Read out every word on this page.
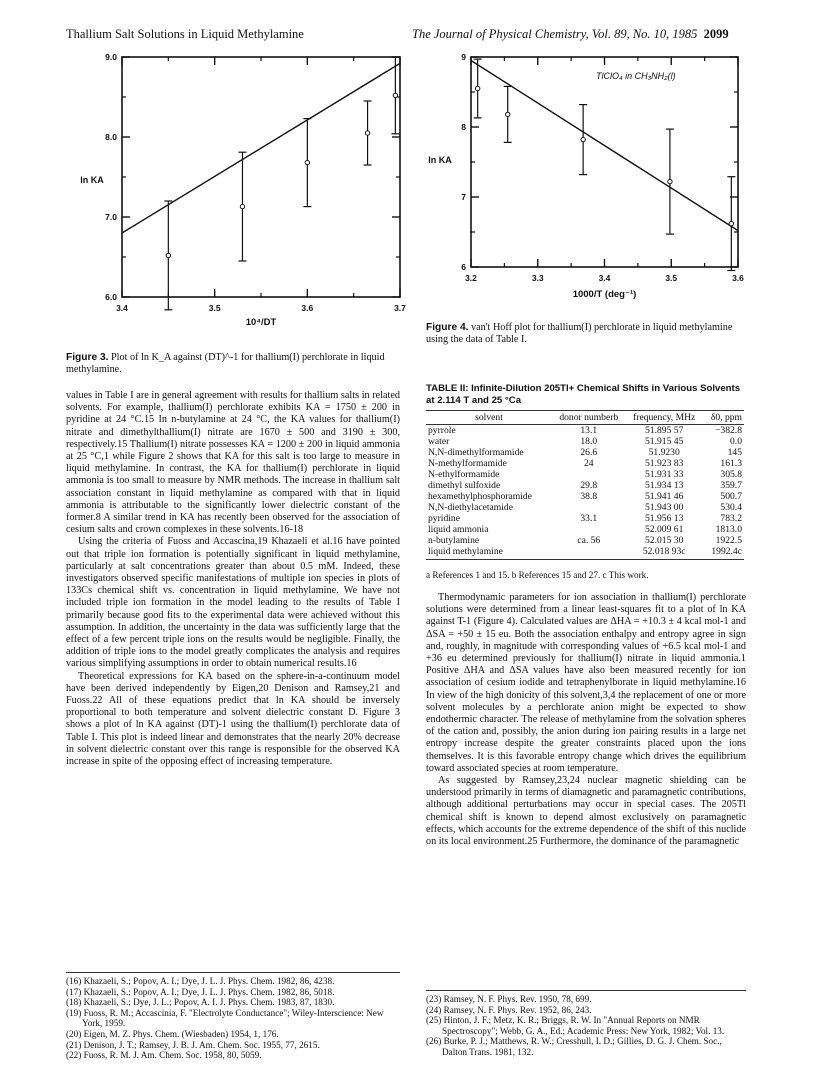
Thallium Salt Solutions in Liquid Methylamine	The Journal of Physical Chemistry, Vol. 89, No. 10, 1985 2099
3.4	3.5	3.6	3.7
6.0
7.0
8.0
9.0
ln KA
10⁴/DT
Figure 3. Plot of ln K_A against (DT)^-1 for thallium(I) perchlorate in liquid methylamine.
3.2	3.3	3.4	3.5	3.6
6
7
8
9
ln KA
1000/T (deg⁻¹)
TlClO₄ in CH₃NH₂(l)
Figure 4. van't Hoff plot for thallium(I) perchlorate in liquid methylamine using the data of Table I.

values in Table I are in general agreement with results for thallium salts in related solvents. For example, thallium(I) perchlorate exhibits KA = 1750 ± 200 in pyridine at 24 °C.15 In n-butylamine at 24 °C, the KA values for thallium(I) nitrate and dimethylthallium(I) nitrate are 1670 ± 500 and 3190 ± 300, respectively.15 Thallium(I) nitrate possesses KA = 1200 ± 200 in liquid ammonia at 25 °C,1 while Figure 2 shows that KA for this salt is too large to measure in liquid methylamine. In contrast, the KA for thallium(I) perchlorate in liquid ammonia is too small to measure by NMR methods. The increase in thallium salt association constant in liquid methylamine as compared with that in liquid ammonia is attributable to the significantly lower dielectric constant of the former.8 A similar trend in KA has recently been observed for the association of cesium salts and crown complexes in these solvents.16-18

Using the criteria of Fuoss and Accascina,19 Khazaeli et al.16 have pointed out that triple ion formation is potentially significant in liquid methylamine, particularly at salt concentrations greater than about 0.5 mM. Indeed, these investigators observed specific manifestations of multiple ion species in plots of 133Cs chemical shift vs. concentration in liquid methylamine. We have not included triple ion formation in the model leading to the results of Table I primarily because good fits to the experimental data were achieved without this assumption. In addition, the uncertainty in the data was sufficiently large that the effect of a few percent triple ions on the results would be negligible. Finally, the addition of triple ions to the model greatly complicates the analysis and requires various simplifying assumptions in order to obtain numerical results.16

Theoretical expressions for KA based on the sphere-in-a-continuum model have been derived independently by Eigen,20 Denison and Ramsey,21 and Fuoss.22 All of these equations predict that ln KA should be inversely proportional to both temperature and solvent dielectric constant D. Figure 3 shows a plot of ln KA against (DT)-1 using the thallium(I) perchlorate data of Table I. This plot is indeed linear and demonstrates that the nearly 20% decrease in solvent dielectric constant over this range is responsible for the observed KA increase in spite of the opposing effect of increasing temperature.

(16) Khazaeli, S.; Popov, A. I.; Dye, J. L. J. Phys. Chem. 1982, 86, 4238.
(17) Khazaeli, S.; Popov, A. I.; Dye, J. L. J. Phys. Chem. 1982, 86, 5018.
(18) Khazaeli, S.; Dye, J. L.; Popov, A. I. J. Phys. Chem. 1983, 87, 1830.
(19) Fuoss, R. M.; Accascinia, F. "Electrolyte Conductance"; Wiley-Interscience: New York, 1959.
(20) Eigen, M. Z. Phys. Chem. (Wiesbaden) 1954, 1, 176.
(21) Denison, J. T.; Ramsey, J. B. J. Am. Chem. Soc. 1955, 77, 2615.
(22) Fuoss, R. M. J. Am. Chem. Soc. 1958, 80, 5059.
TABLE II: Infinite-Dilution 205Tl+ Chemical Shifts in Various Solvents at 2.114 T and 25 °Ca
solvent	donor numberb	frequency, MHz	δ0, ppm
pyrrole	13.1	51.895 57	−382.8
water	18.0	51.915 45	0.0
N,N-dimethylformamide	26.6	51.9230	145
N-methylformamide	24	51.923 83	161.3
N-ethylformamide		51.931 33	305.8
dimethyl sulfoxide	29.8	51.934 13	359.7
hexamethylphosphoramide	38.8	51.941 46	500.7
N,N-diethylacetamide		51.943 00	530.4
pyridine	33.1	51.956 13	783.2
liquid ammonia		52.009 61	1813.0
n-butylamine	ca. 56	52.015 30	1922.5
liquid methylamine		52.018 93c	1992.4c
a References 1 and 15. b References 15 and 27. c This work.

Thermodynamic parameters for ion association in thallium(I) perchlorate solutions were determined from a linear least-squares fit to a plot of ln KA against T-1 (Figure 4). Calculated values are ΔHA = +10.3 ± 4 kcal mol-1 and ΔSA = +50 ± 15 eu. Both the association enthalpy and entropy agree in sign and, roughly, in magnitude with corresponding values of +6.5 kcal mol-1 and +36 eu determined previously for thallium(I) nitrate in liquid ammonia.1 Positive ΔHA and ΔSA values have also been measured recently for ion association of cesium iodide and tetraphenylborate in liquid methylamine.16 In view of the high donicity of this solvent,3,4 the replacement of one or more solvent molecules by a perchlorate anion might be expected to show endothermic character. The release of methylamine from the solvation spheres of the cation and, possibly, the anion during ion pairing results in a large net entropy increase despite the greater constraints placed upon the ions themselves. It is this favorable entropy change which drives the equilibrium toward associated species at room temperature.

As suggested by Ramsey,23,24 nuclear magnetic shielding can be understood primarily in terms of diamagnetic and paramagnetic contributions, although additional perturbations may occur in special cases. The 205Tl chemical shift is known to depend almost exclusively on paramagnetic effects, which accounts for the extreme dependence of the shift of this nuclide on its local environment.25 Furthermore, the dominance of the paramagnetic

(23) Ramsey, N. F. Phys. Rev. 1950, 78, 699.
(24) Ramsey, N. F. Phys. Rev. 1952, 86, 243.
(25) Hinton, J. F.; Metz, K. R.; Briggs, R. W. In "Annual Reports on NMR Spectroscopy"; Webb, G. A., Ed.; Academic Press: New York, 1982; Vol. 13.
(26) Burke, P. J.; Matthews, R. W.; Cresshull, I. D.; Gillies, D. G. J. Chem. Soc., Dalton Trans. 1981, 132.
